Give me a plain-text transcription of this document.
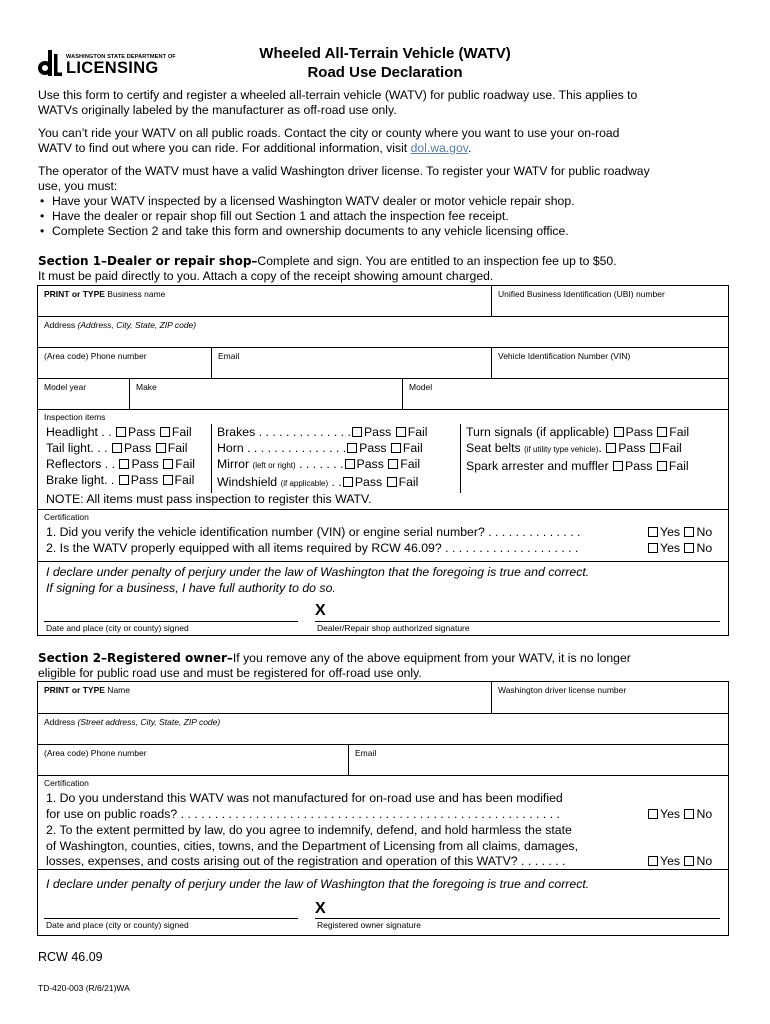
WASHINGTON STATE DEPARTMENT OF
LICENSING
Wheeled All-Terrain Vehicle (WATV)
Road Use Declaration

Use this form to certify and register a wheeled all-terrain vehicle (WATV) for public roadway use. This applies to

WATVs originally labeled by the manufacturer as off-road use only.

You can’t ride your WATV on all public roads. Contact the city or county where you want to use your on-road

WATV to find out where you can ride. For additional information, visit dol.wa.gov.

The operator of the WATV must have a valid Washington driver license. To register your WATV for public roadway

use, you must:

• Have your WATV inspected by a licensed Washington WATV dealer or motor vehicle repair shop.

• Have the dealer or repair shop fill out Section 1 and attach the inspection fee receipt.

• Complete Section 2 and take this form and ownership documents to any vehicle licensing office.

Section 1–Dealer or repair shop–Complete and sign. You are entitled to an inspection fee up to $50.
It must be paid directly to you. Attach a copy of the receipt showing amount charged.
PRINT or TYPE Business name	Unified Business Identification (UBI) number
Address (Address, City, State, ZIP code)
(Area code) Phone number	Email	Vehicle Identification Number (VIN)
Model year	Make	Model
Inspection items
Headlight . . Pass Fail
Tail light. . . Pass Fail
Reflectors . . Pass Fail
Brake light. . Pass Fail
Brakes . . . . . . . . . . . . . . Pass Fail
Horn . . . . . . . . . . . . . . . Pass Fail
Mirror (left or right) . . . . . . . Pass Fail
Windshield (if applicable) . . Pass Fail
Turn signals (if applicable) Pass Fail
Seat belts (if utility type vehicle). Pass Fail
Spark arrester and muffler Pass Fail
NOTE: All items must pass inspection to register this WATV.
Certification
1. Did you verify the vehicle identification number (VIN) or engine serial number? . . . . . . . . . . . . . .	Yes No
2. Is the WATV properly equipped with all items required by RCW 46.09? . . . . . . . . . . . . . . . . . . . .	Yes No
I declare under penalty of perjury under the law of Washington that the foregoing is true and correct.
If signing for a business, I have full authority to do so.
X
Date and place (city or county) signed	Dealer/Repair shop authorized signature
Section 2–Registered owner–If you remove any of the above equipment from your WATV, it is no longer
eligible for public road use and must be registered for off-road use only.
PRINT or TYPE Name	Washington driver license number
Address (Street address, City, State, ZIP code)
(Area code) Phone number	Email
Certification
1. Do you understand this WATV was not manufactured for on-road use and has been modified
for use on public roads? . . . . . . . . . . . . . . . . . . . . . . . . . . . . . . . . . . . . . . . . . . . . . . . . . . . . . . . .	Yes No
2. To the extent permitted by law, do you agree to indemnify, defend, and hold harmless the state
of Washington, counties, cities, towns, and the Department of Licensing from all claims, damages,
losses, expenses, and costs arising out of the registration and operation of this WATV? . . . . . . .	Yes No
I declare under penalty of perjury under the law of Washington that the foregoing is true and correct.
X
Date and place (city or county) signed	Registered owner signature
RCW 46.09
TD-420-003 (R/6/21)WA
